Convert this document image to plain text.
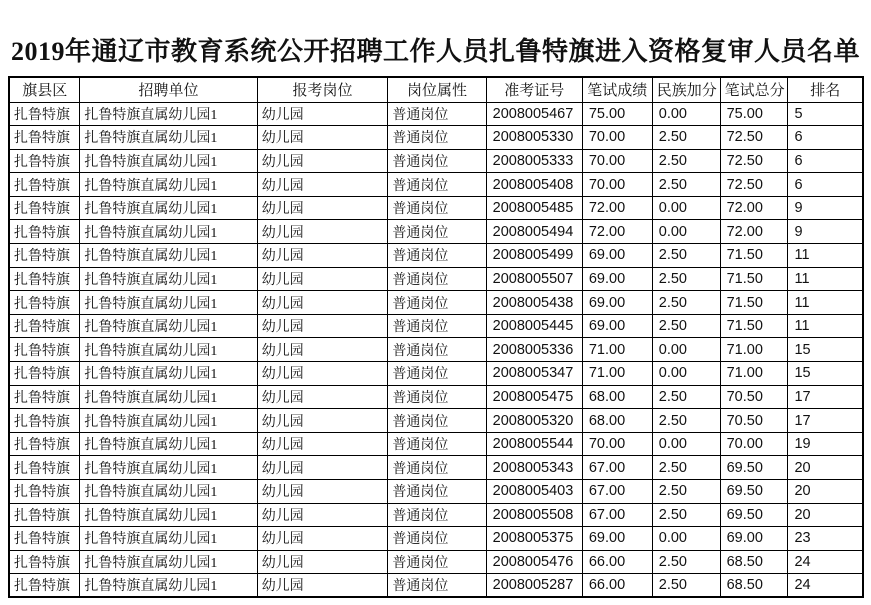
2019年通辽市教育系统公开招聘工作人员扎鲁特旗进入资格复审人员名单
旗县区	招聘单位	报考岗位	岗位属性	准考证号	笔试成绩	民族加分	笔试总分	排名
扎鲁特旗	扎鲁特旗直属幼儿园1	幼儿园	普通岗位	2008005467	75.00	0.00	75.00	5
扎鲁特旗	扎鲁特旗直属幼儿园1	幼儿园	普通岗位	2008005330	70.00	2.50	72.50	6
扎鲁特旗	扎鲁特旗直属幼儿园1	幼儿园	普通岗位	2008005333	70.00	2.50	72.50	6
扎鲁特旗	扎鲁特旗直属幼儿园1	幼儿园	普通岗位	2008005408	70.00	2.50	72.50	6
扎鲁特旗	扎鲁特旗直属幼儿园1	幼儿园	普通岗位	2008005485	72.00	0.00	72.00	9
扎鲁特旗	扎鲁特旗直属幼儿园1	幼儿园	普通岗位	2008005494	72.00	0.00	72.00	9
扎鲁特旗	扎鲁特旗直属幼儿园1	幼儿园	普通岗位	2008005499	69.00	2.50	71.50	11
扎鲁特旗	扎鲁特旗直属幼儿园1	幼儿园	普通岗位	2008005507	69.00	2.50	71.50	11
扎鲁特旗	扎鲁特旗直属幼儿园1	幼儿园	普通岗位	2008005438	69.00	2.50	71.50	11
扎鲁特旗	扎鲁特旗直属幼儿园1	幼儿园	普通岗位	2008005445	69.00	2.50	71.50	11
扎鲁特旗	扎鲁特旗直属幼儿园1	幼儿园	普通岗位	2008005336	71.00	0.00	71.00	15
扎鲁特旗	扎鲁特旗直属幼儿园1	幼儿园	普通岗位	2008005347	71.00	0.00	71.00	15
扎鲁特旗	扎鲁特旗直属幼儿园1	幼儿园	普通岗位	2008005475	68.00	2.50	70.50	17
扎鲁特旗	扎鲁特旗直属幼儿园1	幼儿园	普通岗位	2008005320	68.00	2.50	70.50	17
扎鲁特旗	扎鲁特旗直属幼儿园1	幼儿园	普通岗位	2008005544	70.00	0.00	70.00	19
扎鲁特旗	扎鲁特旗直属幼儿园1	幼儿园	普通岗位	2008005343	67.00	2.50	69.50	20
扎鲁特旗	扎鲁特旗直属幼儿园1	幼儿园	普通岗位	2008005403	67.00	2.50	69.50	20
扎鲁特旗	扎鲁特旗直属幼儿园1	幼儿园	普通岗位	2008005508	67.00	2.50	69.50	20
扎鲁特旗	扎鲁特旗直属幼儿园1	幼儿园	普通岗位	2008005375	69.00	0.00	69.00	23
扎鲁特旗	扎鲁特旗直属幼儿园1	幼儿园	普通岗位	2008005476	66.00	2.50	68.50	24
扎鲁特旗	扎鲁特旗直属幼儿园1	幼儿园	普通岗位	2008005287	66.00	2.50	68.50	24
